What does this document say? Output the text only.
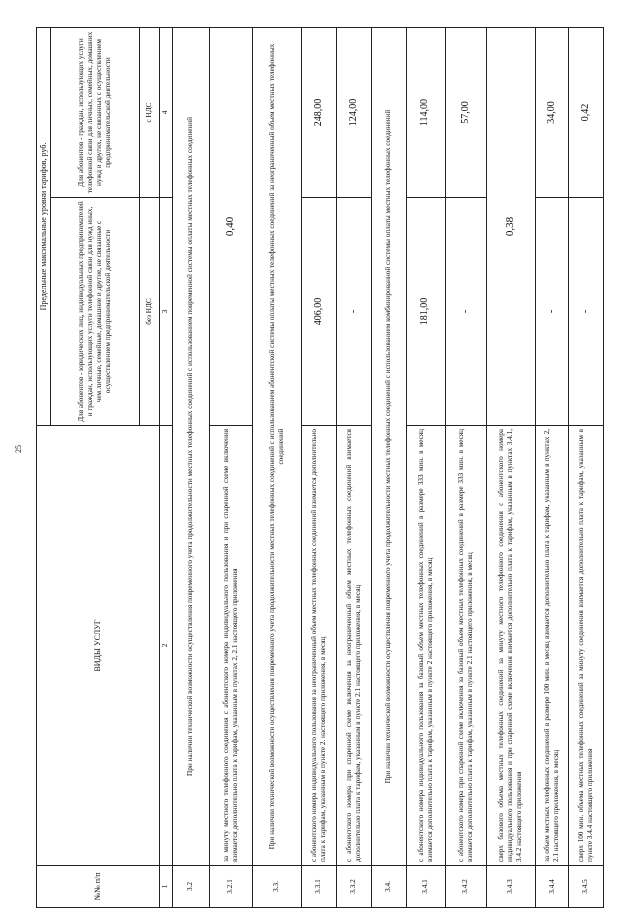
25
№№ п/п	ВИДЫ УСЛУГ	Предельные максимальные уровни тарифов, руб.	
		Для абонентов - юридических лиц, индивидуальных предпринимателей и граждан, использующих услуги телефонной связи для нужд иных, чем личные, семейные, домашние и другие, не связанные с осуществлением предпринимательской деятельности	Для абонентов - граждан, использующих услуги телефонной связи для личных, семейных, домашних нужд и других, не связанных с осуществлением предпринимательской деятельности
		без НДС	с НДС
1	2	3	4
3.2	При наличии технической возможности осуществления повременного учета продолжительности местных телефонных соединений с использованием повременной системы оплаты местных телефонных соединений		
3.2.1	за минуту местного телефонного соединения с абонентского номера индивидуального пользования и при спаренной схеме включения взимается дополнительно плата к тарифам, указанным в пунктах 2, 2.1 настоящего приложения	0,40	
3.3.	При наличии технической возможности осуществления повременного учета продолжительности местных телефонных соединений с использованием абонентской системы оплаты местных телефонных соединений за неограниченный объем местных телефонных соединений		
3.3.1	с абонентского номера индивидуального пользования за неограниченный объем местных телефонных соединений взимается дополнительно плата к тарифам, указанным в пункте 2. настоящего приложения, в месяц	406,00	248,00
3.3.2	с абонентского номера при спаренной схеме включения за неограниченный объем местных телефонных соединений взимается дополнительно плата к тарифам, указанным в пункте 2.1 настоящего приложения, в месяц	-	124,00
3.4.	При наличии технической возможности осуществления повременного учета продолжительности местных телефонных соединений с использованием комбинированной системы оплаты местных телефонных соединений		
3.4.1	с абонентского номера индивидуального пользования за базовый объем местных телефонных соединений в размере 333 мин. в месяц взимается дополнительно плата к тарифам, указанным в пункте 2 настоящего приложения, в месяц	181,00	114,00
3.4.2	с абонентского номера при спаренной схеме включения за базовый объем местных телефонных соединений в размере 333 мин. в месяц взимается дополнительно плата к тарифам, указанным в пункте 2.1 настоящего приложения, в месяц	-	57,00
3.4.3	сверх базового объема местных телефонных соединений за минуту местного телефонного соединения с абонентского номера индивидуального пользования и при спаренной схеме включения взимается дополнительно плата к тарифам, указанным в пунктах 3.4.1, 3.4.2 настоящего приложения	0,38	
3.4.4	за объем местных телефонных соединений в размере 100 мин. в месяц взимается дополнительно плата к тарифам, указанным в пунктах 2, 2.1 настоящего приложения, в месяц	-	34,00
3.4.5	сверх 100 мин. объема местных телефонных соединений за минуту соединения взимается дополнительно плата к тарифам, указанным в пункте 3.4.4 настоящего приложения	-	0,42
